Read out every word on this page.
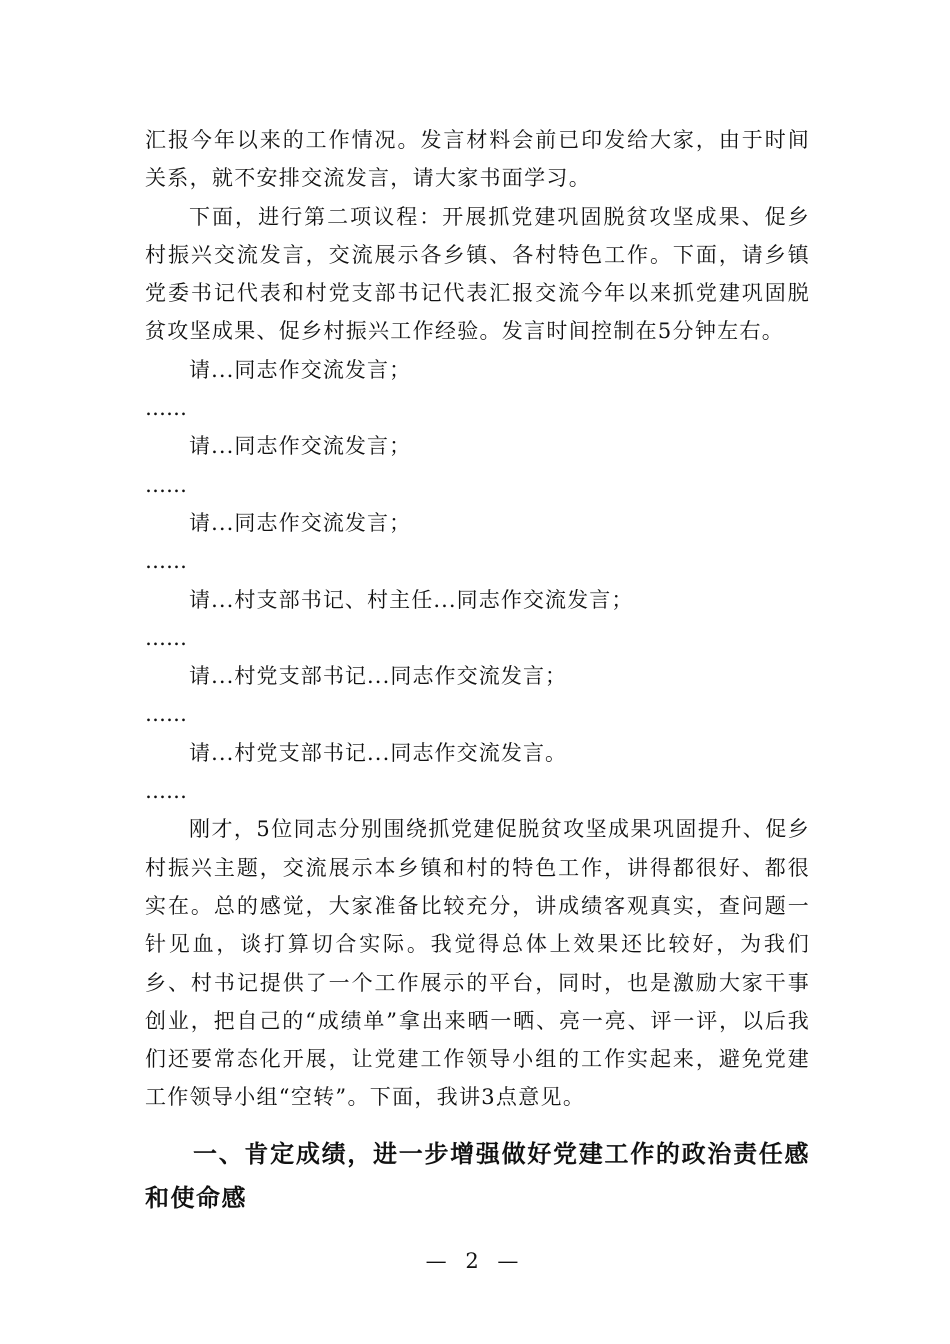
汇报今年以来的工作情况。发言材料会前已印发给大家，由于时间关系，就不安排交流发言，请大家书面学习。

下面，进行第二项议程：开展抓党建巩固脱贫攻坚成果、促乡村振兴交流发言，交流展示各乡镇、各村特色工作。下面，请乡镇党委书记代表和村党支部书记代表汇报交流今年以来抓党建巩固脱贫攻坚成果、促乡村振兴工作经验。发言时间控制在5分钟左右。

请...同志作交流发言；

……

请...同志作交流发言；

……

请...同志作交流发言；

……

请...村支部书记、村主任...同志作交流发言；

……

请...村党支部书记...同志作交流发言；

……

请...村党支部书记...同志作交流发言。

……

刚才，5位同志分别围绕抓党建促脱贫攻坚成果巩固提升、促乡村振兴主题，交流展示本乡镇和村的特色工作，讲得都很好、都很实在。总的感觉，大家准备比较充分，讲成绩客观真实，查问题一针见血，谈打算切合实际。我觉得总体上效果还比较好，为我们乡、村书记提供了一个工作展示的平台，同时，也是激励大家干事创业，把自己的“成绩单”拿出来晒一晒、亮一亮、评一评，以后我们还要常态化开展，让党建工作领导小组的工作实起来，避免党建工作领导小组“空转”。下面，我讲3点意见。

一、肯定成绩，进一步增强做好党建工作的政治责任感和使命感
— 2 —
